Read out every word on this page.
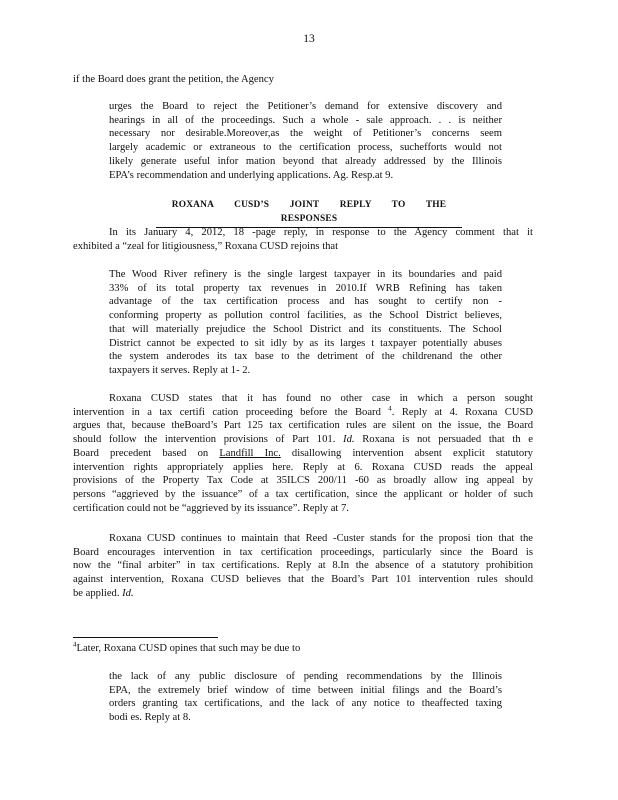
13
if the Board does grant the petition, the Agency
urges the Board to reject the Petitioner’s demand for extensive discovery and
hearings in all of the proceedings. Such a whole - sale approach. . . is neither
necessary nor desirable.Moreover,as the weight of Petitioner’s concerns seem
largely academic or extraneous to the certification process, suchefforts would not
likely generate useful infor mation beyond that already addressed by the Illinois
EPA’s recommendation and underlying applications. Ag. Resp.at 9.
ROXANA CUSD’S JOINT REPLY TO THE RESPONSES
In its January 4, 2012, 18 -page reply, in response to the Agency comment that it
exhibited a “zeal for litigiousness,” Roxana CUSD rejoins that
The Wood River refinery is the single largest taxpayer in its boundaries and paid
33% of its total property tax revenues in 2010.If WRB Refining has taken
advantage of the tax certification process and has sought to certify non -
conforming property as pollution control facilities, as the School District believes,
that will materially prejudice the School District and its constituents. The School
District cannot be expected to sit idly by as its larges t taxpayer potentially abuses
the system anderodes its tax base to the detriment of the childrenand the other
taxpayers it serves. Reply at 1- 2.
Roxana CUSD states that it has found no other case in which a person sought
intervention in a tax certifi cation proceeding before the Board $^4$. Reply at 4. Roxana CUSD
argues that, because theBoard’s Part 125 tax certification rules are silent on the issue, the Board
should follow the intervention provisions of Part 101. Id. Roxana is not persuaded that th e
Board precedent based on Landfill Inc. disallowing intervention absent explicit statutory
intervention rights appropriately applies here. Reply at 6. Roxana CUSD reads the appeal
provisions of the Property Tax Code at 35ILCS 200/11 -60 as broadly allow ing appeal by
persons “aggrieved by the issuance” of a tax certification, since the applicant or holder of such
certification could not be “aggrieved by its issuance”. Reply at 7.
Roxana CUSD continues to maintain that Reed -Custer stands for the proposi tion that the
Board encourages intervention in tax certification proceedings, particularly since the Board is
now the “final arbiter” in tax certifications. Reply at 8.In the absence of a statutory prohibition
against intervention, Roxana CUSD believes that the Board’s Part 101 intervention rules should
be applied. Id.
$^4$Later, Roxana CUSD opines that such may be due to
the lack of any public disclosure of pending recommendations by the Illinois
EPA, the extremely brief window of time between initial filings and the Board’s
orders granting tax certifications, and the lack of any notice to theaffected taxing
bodi es. Reply at 8.
